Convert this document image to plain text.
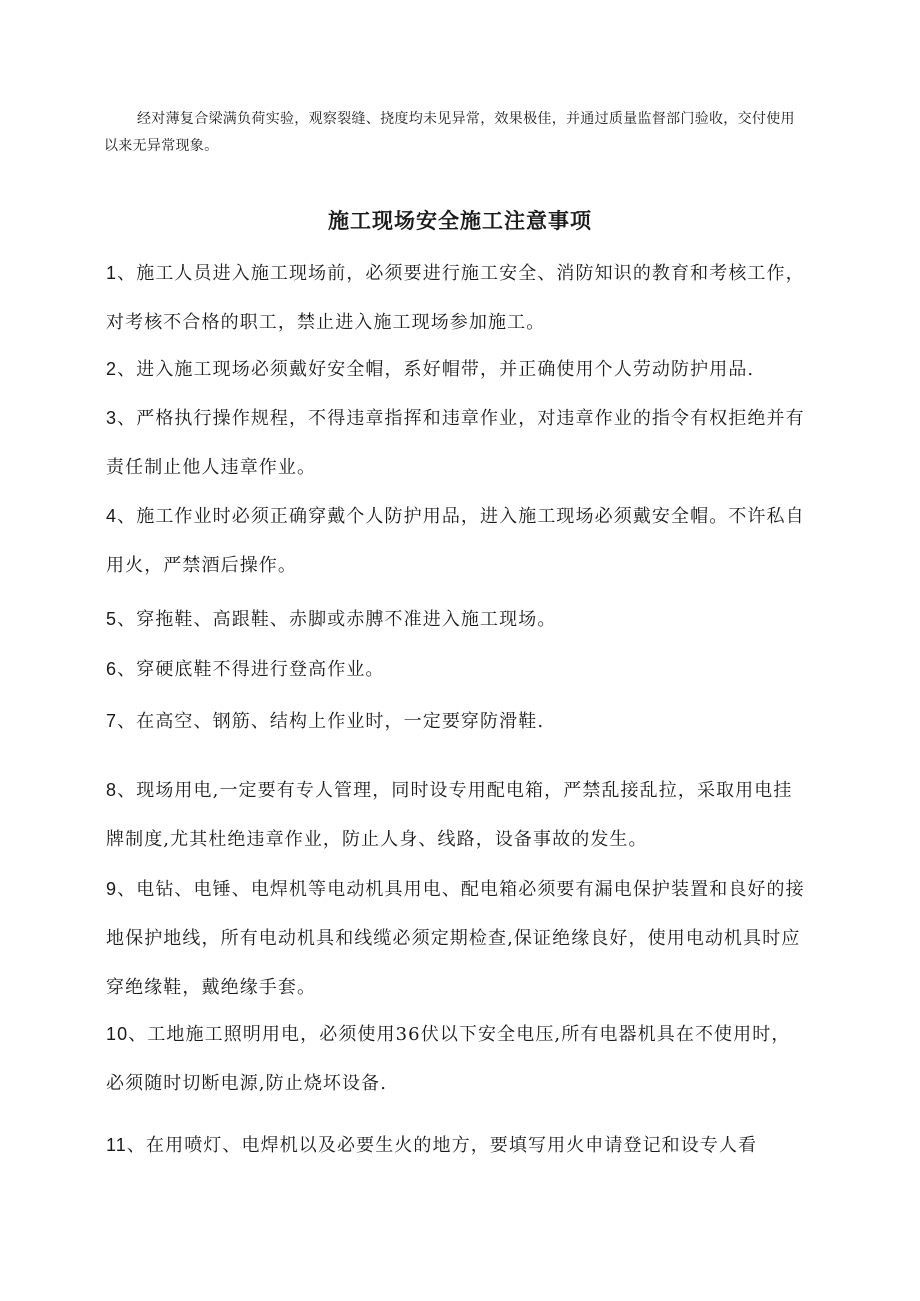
经对薄复合梁满负荷实验，观察裂缝、挠度均未见异常，效果极佳，并通过质量监督部门验收，交付使用以来无异常现象。

施工现场安全施工注意事项

1、施工人员进入施工现场前，必须要进行施工安全、消防知识的教育和考核工作，对考核不合格的职工，禁止进入施工现场参加施工。

2、进入施工现场必须戴好安全帽，系好帽带，并正确使用个人劳动防护用品.

3、严格执行操作规程，不得违章指挥和违章作业，对违章作业的指令有权拒绝并有责任制止他人违章作业。

4、施工作业时必须正确穿戴个人防护用品，进入施工现场必须戴安全帽。不许私自用火，严禁酒后操作。

5、穿拖鞋、高跟鞋、赤脚或赤膊不准进入施工现场。

6、穿硬底鞋不得进行登高作业。

7、在高空、钢筋、结构上作业时，一定要穿防滑鞋.

8、现场用电,一定要有专人管理，同时设专用配电箱，严禁乱接乱拉，采取用电挂牌制度,尤其杜绝违章作业，防止人身、线路，设备事故的发生。

9、电钻、电锤、电焊机等电动机具用电、配电箱必须要有漏电保护装置和良好的接地保护地线，所有电动机具和线缆必须定期检查,保证绝缘良好，使用电动机具时应穿绝缘鞋，戴绝缘手套。

10、工地施工照明用电，必须使用36伏以下安全电压,所有电器机具在不使用时，必须随时切断电源,防止烧坏设备.

11、在用喷灯、电焊机以及必要生火的地方，要填写用火申请登记和设专人看
